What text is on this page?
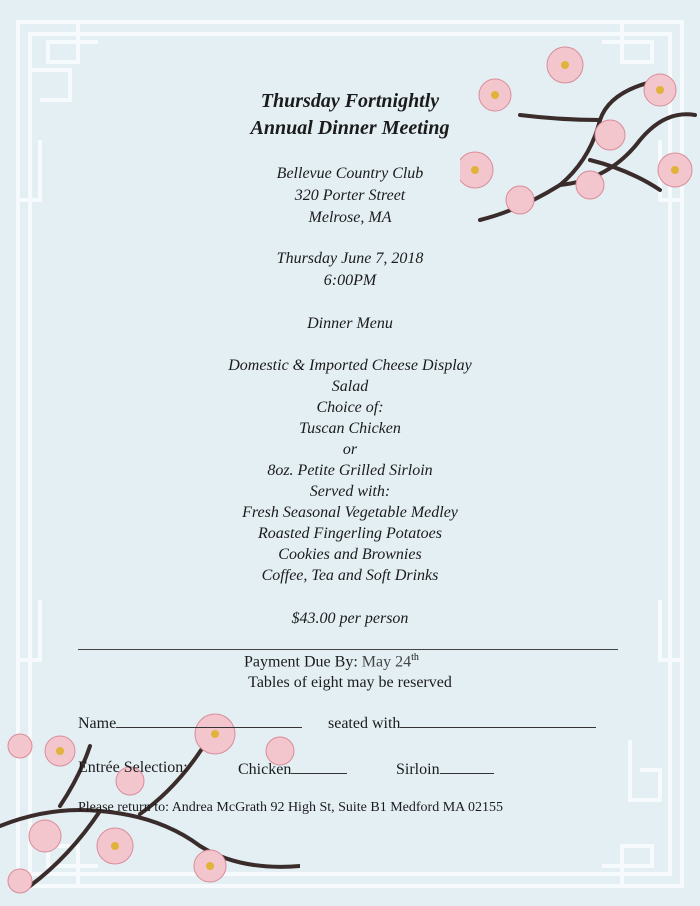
Thursday Fortnightly
Annual Dinner Meeting
Bellevue Country Club
320 Porter Street
Melrose, MA
Thursday June 7, 2018
6:00PM
Dinner Menu
Domestic & Imported Cheese Display
Salad
Choice of:
Tuscan Chicken
or
8oz. Petite Grilled Sirloin
Served with:
Fresh Seasonal Vegetable Medley
Roasted Fingerling Potatoes
Cookies and Brownies
Coffee, Tea and Soft Drinks
$43.00 per person
Payment Due By: May 24th
Tables of eight may be reserved
Name	seated with
Entrée Selection:	Chicken	Sirloin
Please return to: Andrea McGrath 92 High St, Suite B1 Medford MA 02155
